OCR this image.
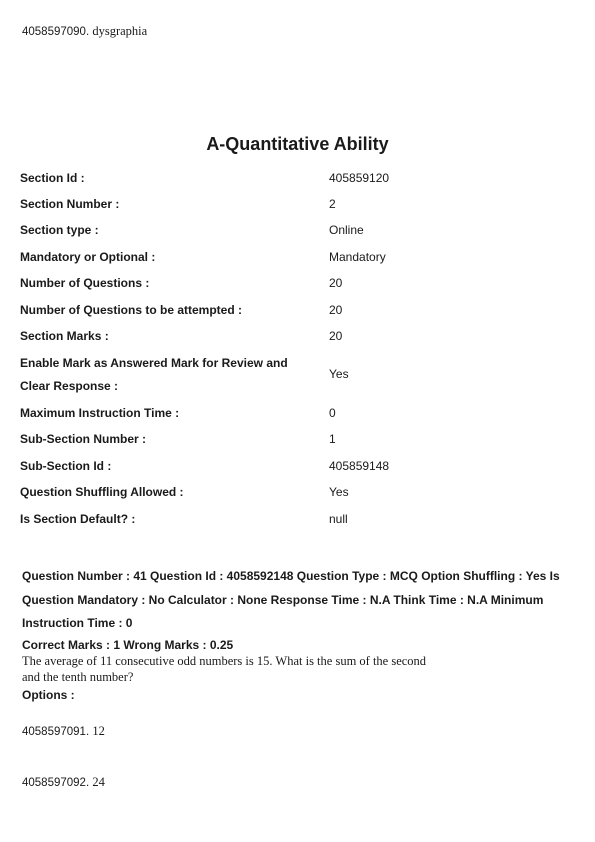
4058597090. dysgraphia
A-Quantitative Ability
Section Id :	405859120
Section Number :	2
Section type :	Online
Mandatory or Optional :	Mandatory
Number of Questions :	20
Number of Questions to be attempted :	20
Section Marks :	20
Enable Mark as Answered Mark for Review and
Clear Response :
Yes
Maximum Instruction Time :	0
Sub-Section Number :	1
Sub-Section Id :	405859148
Question Shuffling Allowed :	Yes
Is Section Default? :	null
Question Number : 41 Question Id : 4058592148 Question Type : MCQ Option Shuffling : Yes Is
Question Mandatory : No Calculator : None Response Time : N.A Think Time : N.A Minimum
Instruction Time : 0
Correct Marks : 1 Wrong Marks : 0.25
The average of 11 consecutive odd numbers is 15. What is the sum of the second
and the tenth number?
Options :
4058597091. 12
4058597092. 24
